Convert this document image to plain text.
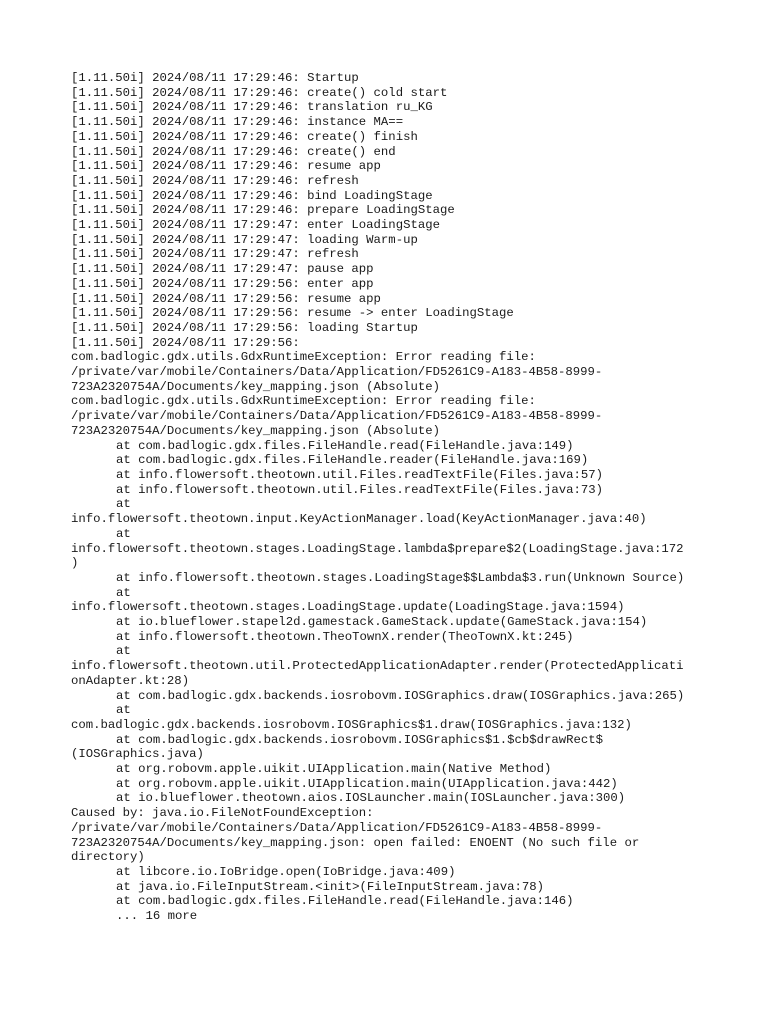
[1.11.50i] 2024/08/11 17:29:46: Startup
[1.11.50i] 2024/08/11 17:29:46: create() cold start
[1.11.50i] 2024/08/11 17:29:46: translation ru_KG
[1.11.50i] 2024/08/11 17:29:46: instance MA==
[1.11.50i] 2024/08/11 17:29:46: create() finish
[1.11.50i] 2024/08/11 17:29:46: create() end
[1.11.50i] 2024/08/11 17:29:46: resume app
[1.11.50i] 2024/08/11 17:29:46: refresh
[1.11.50i] 2024/08/11 17:29:46: bind LoadingStage
[1.11.50i] 2024/08/11 17:29:46: prepare LoadingStage
[1.11.50i] 2024/08/11 17:29:47: enter LoadingStage
[1.11.50i] 2024/08/11 17:29:47: loading Warm-up
[1.11.50i] 2024/08/11 17:29:47: refresh
[1.11.50i] 2024/08/11 17:29:47: pause app
[1.11.50i] 2024/08/11 17:29:56: enter app
[1.11.50i] 2024/08/11 17:29:56: resume app
[1.11.50i] 2024/08/11 17:29:56: resume -> enter LoadingStage
[1.11.50i] 2024/08/11 17:29:56: loading Startup
[1.11.50i] 2024/08/11 17:29:56:
com.badlogic.gdx.utils.GdxRuntimeException: Error reading file:
/private/var/mobile/Containers/Data/Application/FD5261C9-A183-4B58-8999-
723A2320754A/Documents/key_mapping.json (Absolute)
com.badlogic.gdx.utils.GdxRuntimeException: Error reading file:
/private/var/mobile/Containers/Data/Application/FD5261C9-A183-4B58-8999-
723A2320754A/Documents/key_mapping.json (Absolute)
at com.badlogic.gdx.files.FileHandle.read(FileHandle.java:149)
at com.badlogic.gdx.files.FileHandle.reader(FileHandle.java:169)
at info.flowersoft.theotown.util.Files.readTextFile(Files.java:57)
at info.flowersoft.theotown.util.Files.readTextFile(Files.java:73)
at
info.flowersoft.theotown.input.KeyActionManager.load(KeyActionManager.java:40)
at
info.flowersoft.theotown.stages.LoadingStage.lambda$prepare$2(LoadingStage.java:172
)
at info.flowersoft.theotown.stages.LoadingStage$$Lambda$3.run(Unknown Source)
at
info.flowersoft.theotown.stages.LoadingStage.update(LoadingStage.java:1594)
at io.blueflower.stapel2d.gamestack.GameStack.update(GameStack.java:154)
at info.flowersoft.theotown.TheoTownX.render(TheoTownX.kt:245)
at
info.flowersoft.theotown.util.ProtectedApplicationAdapter.render(ProtectedApplicati
onAdapter.kt:28)
at com.badlogic.gdx.backends.iosrobovm.IOSGraphics.draw(IOSGraphics.java:265)
at
com.badlogic.gdx.backends.iosrobovm.IOSGraphics$1.draw(IOSGraphics.java:132)
at com.badlogic.gdx.backends.iosrobovm.IOSGraphics$1.$cb$drawRect$
(IOSGraphics.java)
at org.robovm.apple.uikit.UIApplication.main(Native Method)
at org.robovm.apple.uikit.UIApplication.main(UIApplication.java:442)
at io.blueflower.theotown.aios.IOSLauncher.main(IOSLauncher.java:300)
Caused by: java.io.FileNotFoundException:
/private/var/mobile/Containers/Data/Application/FD5261C9-A183-4B58-8999-
723A2320754A/Documents/key_mapping.json: open failed: ENOENT (No such file or
directory)
at libcore.io.IoBridge.open(IoBridge.java:409)
at java.io.FileInputStream.<init>(FileInputStream.java:78)
at com.badlogic.gdx.files.FileHandle.read(FileHandle.java:146)
... 16 more
